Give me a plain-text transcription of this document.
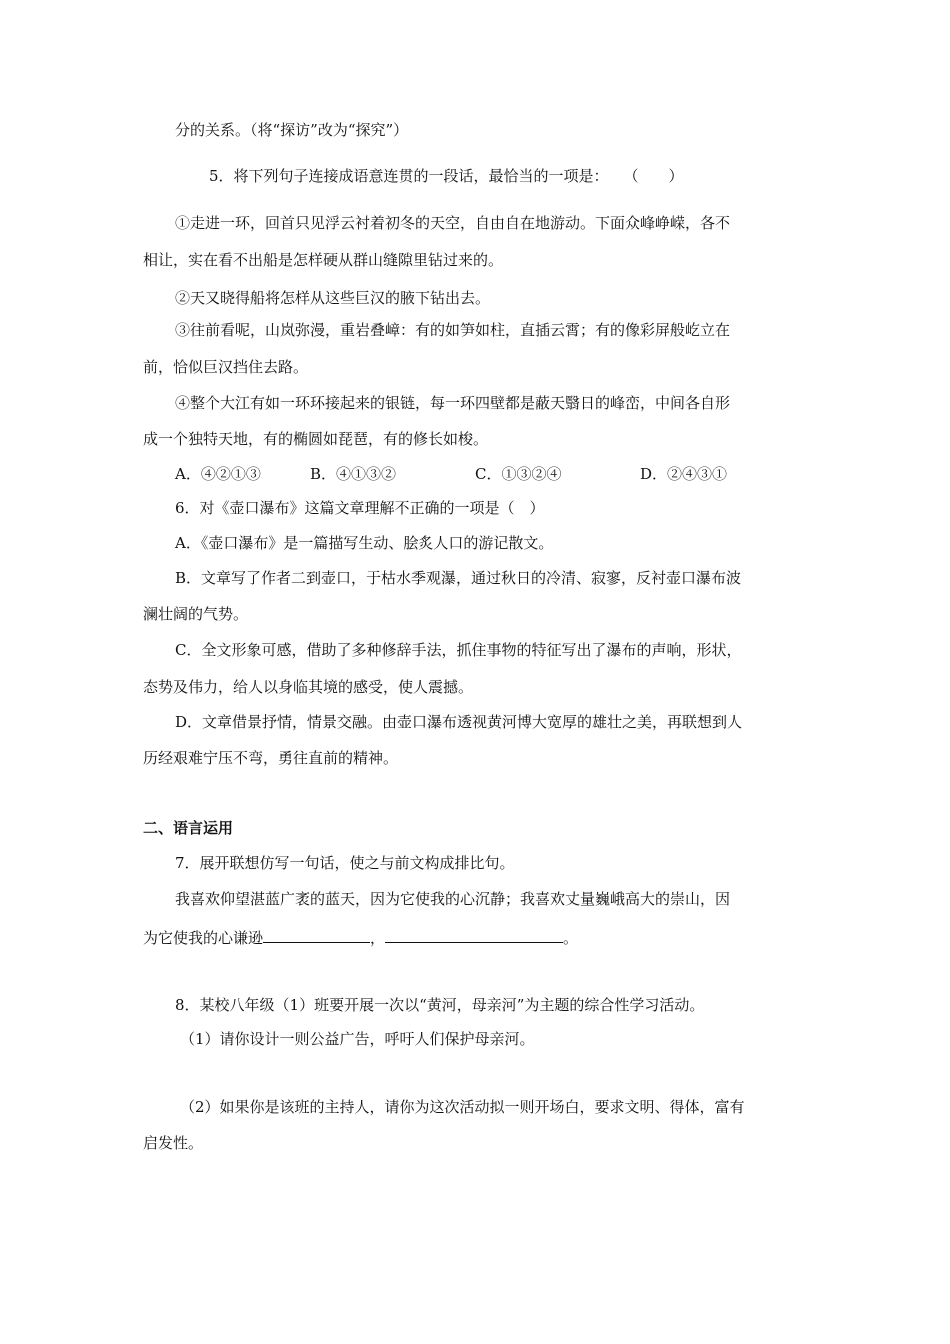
分的关系。（将“探访”改为“探究”）
5．将下列句子连接成语意连贯的一段话，最恰当的一项是：　　（　　）
①走进一环，回首只见浮云衬着初冬的天空，自由自在地游动。下面众峰峥嵘，各不
相让，实在看不出船是怎样硬从群山缝隙里钻过来的。
②天又晓得船将怎样从这些巨汉的腋下钻出去。
③往前看呢，山岚弥漫，重岩叠嶂：有的如笋如柱，直插云霄；有的像彩屏般屹立在
前，恰似巨汉挡住去路。
④整个大江有如一环环接起来的银链，每一环四壁都是蔽天翳日的峰峦，中间各自形
成一个独特天地，有的椭圆如琵琶，有的修长如梭。
A．④②①③	B．④①③②	C．①③②④	D．②④③①
6．对《壶口瀑布》这篇文章理解不正确的一项是（　）
A．《壶口瀑布》是一篇描写生动、脍炙人口的游记散文。
B．文章写了作者二到壶口，于枯水季观瀑，通过秋日的冷清、寂寥，反衬壶口瀑布波
澜壮阔的气势。
C．全文形象可感，借助了多种修辞手法，抓住事物的特征写出了瀑布的声响，形状，
态势及伟力，给人以身临其境的感受，使人震撼。
D．文章借景抒情，情景交融。由壶口瀑布透视黄河博大宽厚的雄壮之美，再联想到人
历经艰难宁压不弯，勇往直前的精神。
二、语言运用
7．展开联想仿写一句话，使之与前文构成排比句。
我喜欢仰望湛蓝广袤的蓝天，因为它使我的心沉静；我喜欢丈量巍峨高大的崇山，因
为它使我的心谦逊	，	。
8．某校八年级（1）班要开展一次以“黄河，母亲河”为主题的综合性学习活动。
（1）请你设计一则公益广告，呼吁人们保护母亲河。
（2）如果你是该班的主持人，请你为这次活动拟一则开场白，要求文明、得体，富有
启发性。
